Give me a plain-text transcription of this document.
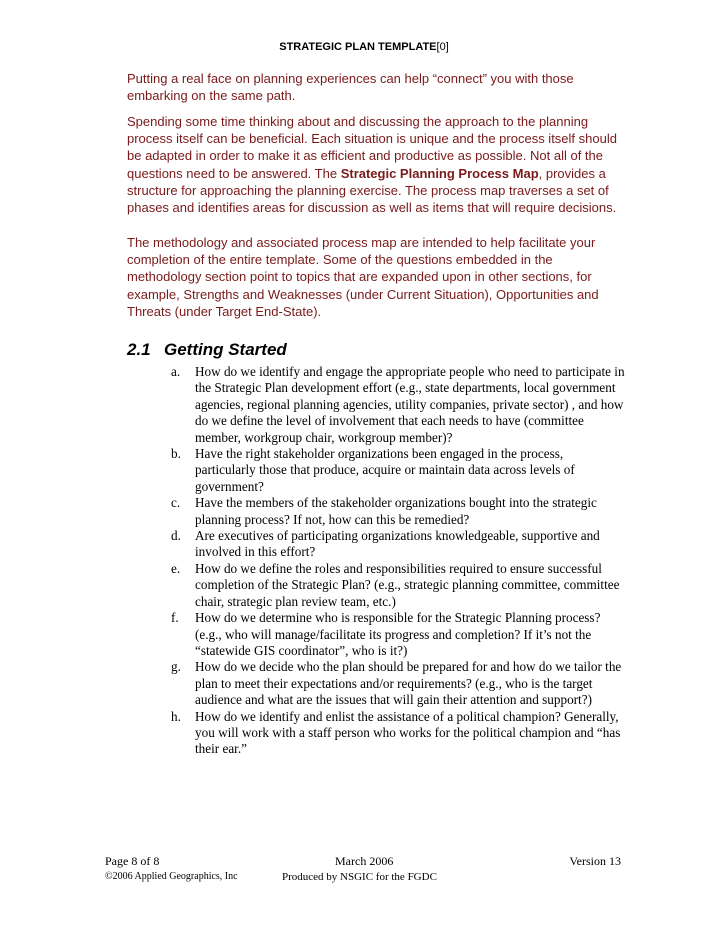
STRATEGIC PLAN TEMPLATE[0]

Putting a real face on planning experiences can help “connect” you with those embarking on the same path.

Spending some time thinking about and discussing the approach to the planning process itself can be beneficial. Each situation is unique and the process itself should be adapted in order to make it as efficient and productive as possible. Not all of the questions need to be answered. The Strategic Planning Process Map, provides a structure for approaching the planning exercise. The process map traverses a set of phases and identifies areas for discussion as well as items that will require decisions.

The methodology and associated process map are intended to help facilitate your completion of the entire template. Some of the questions embedded in the methodology section point to topics that are expanded upon in other sections, for example, Strengths and Weaknesses (under Current Situation), Opportunities and Threats (under Target End-State).

2.1 Getting Started
a. How do we identify and engage the appropriate people who need to participate in the Strategic Plan development effort (e.g., state departments, local government agencies, regional planning agencies, utility companies, private sector) , and how do we define the level of involvement that each needs to have (committee member, workgroup chair, workgroup member)?
b. Have the right stakeholder organizations been engaged in the process, particularly those that produce, acquire or maintain data across levels of government?
c. Have the members of the stakeholder organizations bought into the strategic planning process? If not, how can this be remedied?
d. Are executives of participating organizations knowledgeable, supportive and involved in this effort?
e. How do we define the roles and responsibilities required to ensure successful completion of the Strategic Plan? (e.g., strategic planning committee, committee chair, strategic plan review team, etc.)
f. How do we determine who is responsible for the Strategic Planning process? (e.g., who will manage/facilitate its progress and completion? If it’s not the “statewide GIS coordinator”, who is it?)
g. How do we decide who the plan should be prepared for and how do we tailor the plan to meet their expectations and/or requirements? (e.g., who is the target audience and what are the issues that will gain their attention and support?)
h. How do we identify and enlist the assistance of a political champion? Generally, you will work with a staff person who works for the political champion and “has their ear.”
Page 8 of 8	March 2006	Version 13
©2006 Applied Geographics, Inc	Produced by NSGIC for the FGDC
